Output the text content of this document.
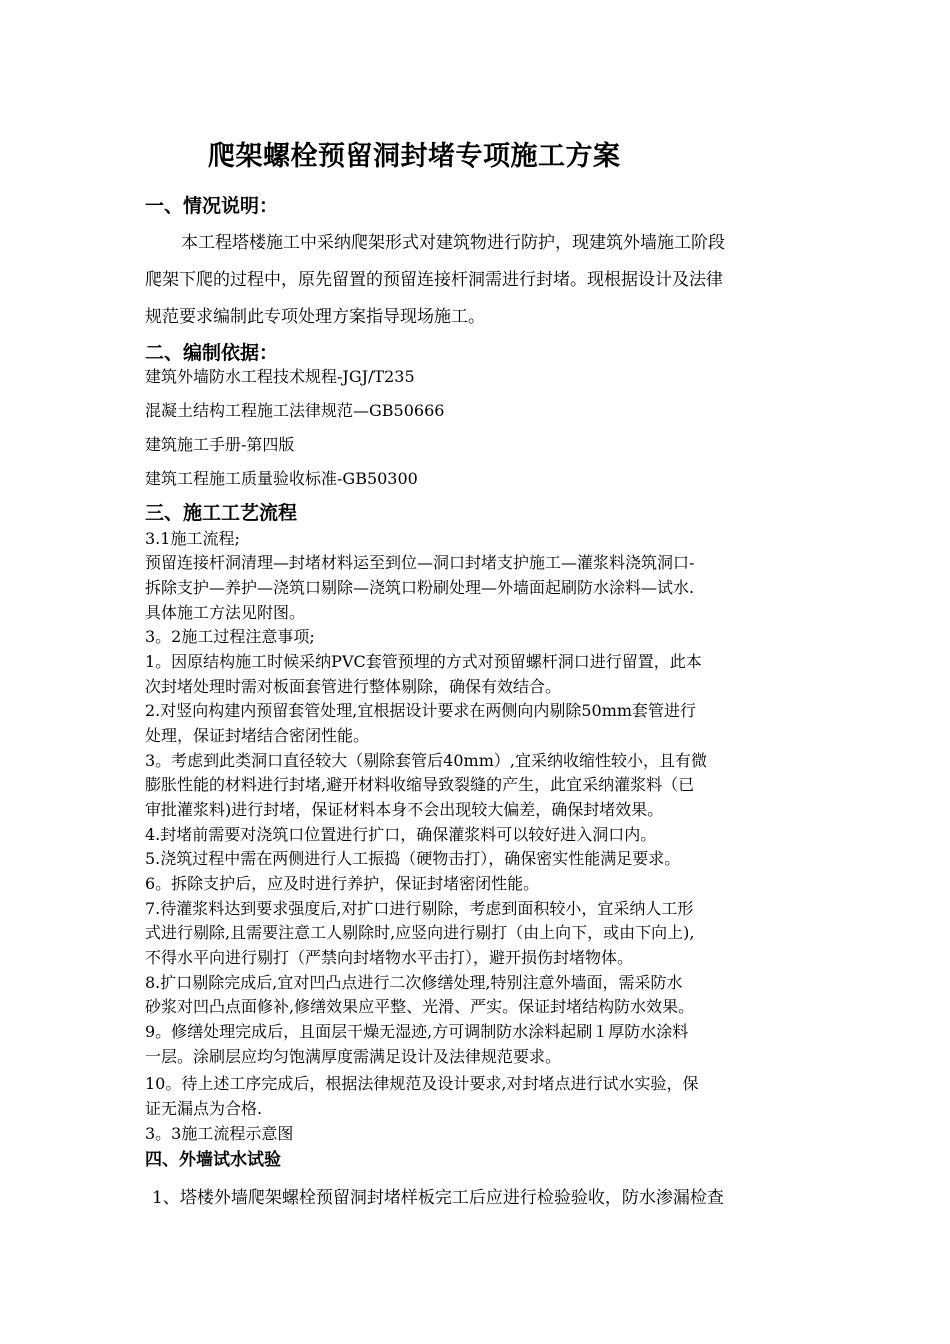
爬架螺栓预留洞封堵专项施工方案
一、情况说明：
本工程塔楼施工中采纳爬架形式对建筑物进行防护，现建筑外墙施工阶段
爬架下爬的过程中，原先留置的预留连接杆洞需进行封堵。现根据设计及法律
规范要求编制此专项处理方案指导现场施工。
二、编制依据：
建筑外墙防水工程技术规程-JGJ/T235
混凝土结构工程施工法律规范—GB50666
建筑施工手册-第四版
建筑工程施工质量验收标准-GB50300
三、施工工艺流程
3.1施工流程;
预留连接杆洞清理—封堵材料运至到位—洞口封堵支护施工—灌浆料浇筑洞口-
拆除支护—养护—浇筑口剔除—浇筑口粉刷处理—外墙面起刷防水涂料—试水.
具体施工方法见附图。
3。2施工过程注意事项;
1。因原结构施工时候采纳PVC套管预埋的方式对预留螺杆洞口进行留置，此本
次封堵处理时需对板面套管进行整体剔除，确保有效结合。
2.对竖向构建内预留套管处理,宜根据设计要求在两侧向内剔除50mm套管进行
处理，保证封堵结合密闭性能。
3。考虑到此类洞口直径较大（剔除套管后40mm）,宜采纳收缩性较小，且有微
膨胀性能的材料进行封堵,避开材料收缩导致裂缝的产生，此宜采纳灌浆料（已
审批灌浆料)进行封堵，保证材料本身不会出现较大偏差，确保封堵效果。
4.封堵前需要对浇筑口位置进行扩口，确保灌浆料可以较好进入洞口内。
5.浇筑过程中需在两侧进行人工振捣（硬物击打），确保密实性能满足要求。
6。拆除支护后，应及时进行养护，保证封堵密闭性能。
7.待灌浆料达到要求强度后,对扩口进行剔除，考虑到面积较小，宜采纳人工形
式进行剔除,且需要注意工人剔除时,应竖向进行剔打（由上向下，或由下向上),
不得水平向进行剔打（严禁向封堵物水平击打），避开损伤封堵物体。
8.扩口剔除完成后,宜对凹凸点进行二次修缮处理,特别注意外墙面，需采防水
砂浆对凹凸点面修补,修缮效果应平整、光滑、严实。保证封堵结构防水效果。
9。修缮处理完成后，且面层干燥无湿迹,方可调制防水涂料起刷１厚防水涂料
一层。涂刷层应均匀饱满厚度需满足设计及法律规范要求。
10。待上述工序完成后，根据法律规范及设计要求,对封堵点进行试水实验，保
证无漏点为合格.
3。3施工流程示意图
四、外墙试水试验
1、塔楼外墙爬架螺栓预留洞封堵样板完工后应进行检验验收，防水渗漏检查
